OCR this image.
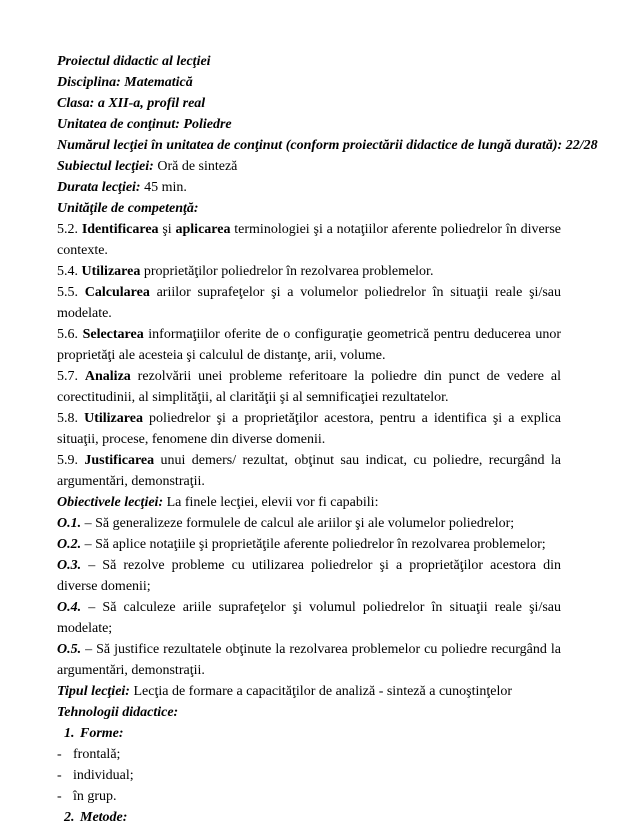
Proiectul didactic al lecţiei

Disciplina: Matematică

Clasa: a XII-a, profil real

Unitatea de conţinut: Poliedre

Numărul lecţiei în unitatea de conţinut (conform proiectării didactice de lungă durată): 22/28

Subiectul lecţiei: Oră de sinteză

Durata lecţiei: 45 min.

Unităţile de competenţă:

5.2. Identificarea şi aplicarea terminologiei şi a notaţiilor aferente poliedrelor în diverse contexte.

5.4. Utilizarea proprietăţilor poliedrelor în rezolvarea problemelor.

5.5. Calcularea ariilor suprafeţelor şi a volumelor poliedrelor în situaţii reale şi/sau modelate.

5.6. Selectarea informaţiilor oferite de o configuraţie geometrică pentru deducerea unor proprietăţi ale acesteia şi calculul de distanţe, arii, volume.

5.7. Analiza rezolvării unei probleme referitoare la poliedre din punct de vedere al corectitudinii, al simplităţii, al clarităţii şi al semnificaţiei rezultatelor.

5.8. Utilizarea poliedrelor şi a proprietăţilor acestora, pentru a identifica şi a explica situaţii, procese, fenomene din diverse domenii.

5.9. Justificarea unui demers/ rezultat, obţinut sau indicat, cu poliedre, recurgând la argumentări, demonstraţii.

Obiectivele lecţiei: La finele lecţiei, elevii vor fi capabili:

O.1. – Să generalizeze formulele de calcul ale ariilor şi ale volumelor poliedrelor;

O.2. – Să aplice notaţiile şi proprietăţile aferente poliedrelor în rezolvarea problemelor;

O.3. – Să rezolve probleme cu utilizarea poliedrelor şi a proprietăţilor acestora din diverse domenii;

O.4. – Să calculeze ariile suprafeţelor şi volumul poliedrelor în situaţii reale şi/sau modelate;

O.5. – Să justifice rezultatele obţinute la rezolvarea problemelor cu poliedre recurgând la argumentări, demonstraţii.

Tipul lecţiei: Lecţia de formare a capacităţilor de analiză - sinteză a cunoştinţelor

Tehnologii didactice:

1. Forme:

- frontală;

- individual;

- în grup.

2. Metode:
